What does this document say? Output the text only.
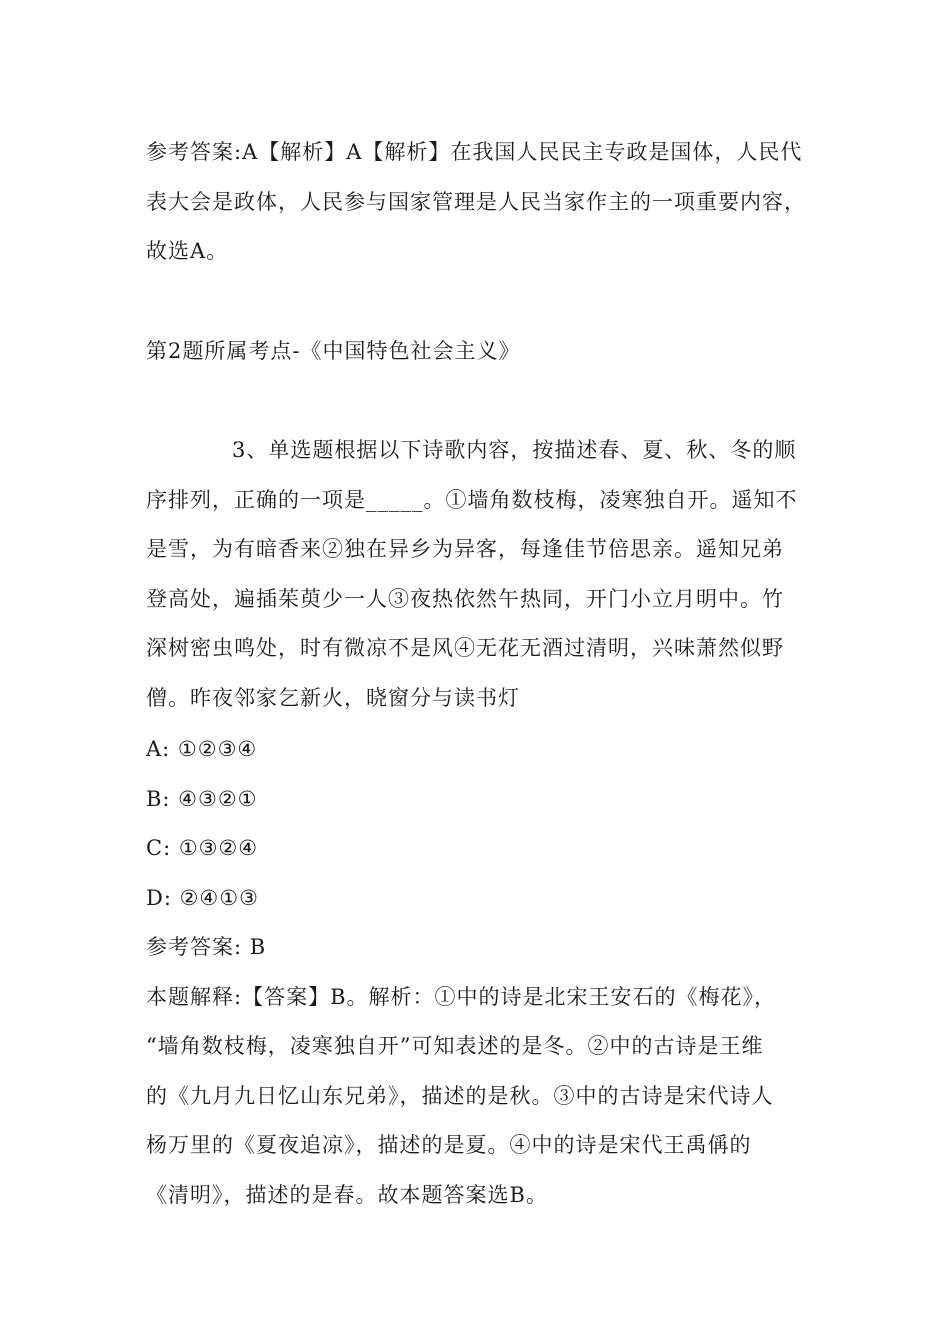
参考答案:A【解析】A【解析】在我国人民民主专政是国体，人民代
表大会是政体，人民参与国家管理是人民当家作主的一项重要内容，
故选A。
第2题所属考点-《中国特色社会主义》
3、单选题根据以下诗歌内容，按描述春、夏、秋、冬的顺
序排列，正确的一项是_____。①墙角数枝梅，凌寒独自开。遥知不
是雪，为有暗香来②独在异乡为异客，每逢佳节倍思亲。遥知兄弟
登高处，遍插茱萸少一人③夜热依然午热同，开门小立月明中。竹
深树密虫鸣处，时有微凉不是风④无花无酒过清明，兴味萧然似野
僧。昨夜邻家乞新火，晓窗分与读书灯
A: ①②③④
B: ④③②①
C: ①③②④
D: ②④①③
参考答案: B
本题解释:【答案】B。解析：①中的诗是北宋王安石的《梅花》，
“墙角数枝梅，凌寒独自开”可知表述的是冬。②中的古诗是王维
的《九月九日忆山东兄弟》，描述的是秋。③中的古诗是宋代诗人
杨万里的《夏夜追凉》，描述的是夏。④中的诗是宋代王禹偁的
《清明》，描述的是春。故本题答案选B。
